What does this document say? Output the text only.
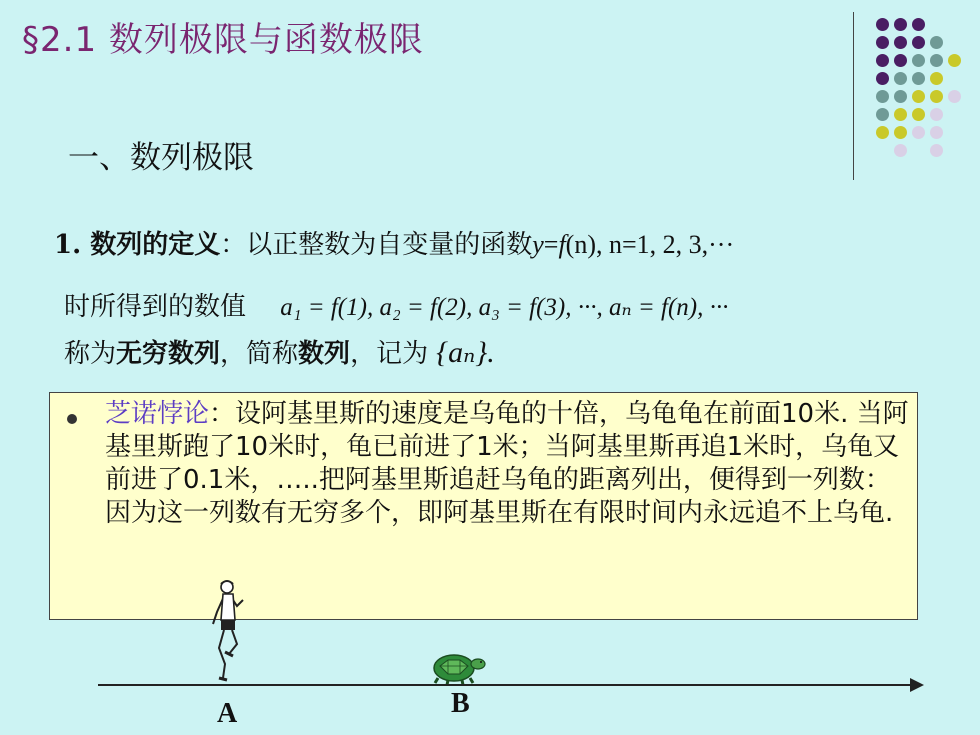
§2.1 数列极限与函数极限
一、数列极限
1. 数列的定义：以正整数为自变量的函数y=f(n), n=1, 2, 3,···
时所得到的数值 a₁ = f(1), a₂ = f(2), a₃ = f(3), ···, aₙ = f(n), ···
称为无穷数列，简称数列，记为 {aₙ}.
芝诺悖论：设阿基里斯的速度是乌龟的十倍，乌龟龟在前面10米. 当阿基里斯跑了10米时，龟已前进了1米；当阿基里斯再追1米时，乌龟又前进了0.1米，…..把阿基里斯追赶乌龟的距离列出，便得到一列数： 因为这一列数有无穷多个，即阿基里斯在有限时间内永远追不上乌龟.
A	B
